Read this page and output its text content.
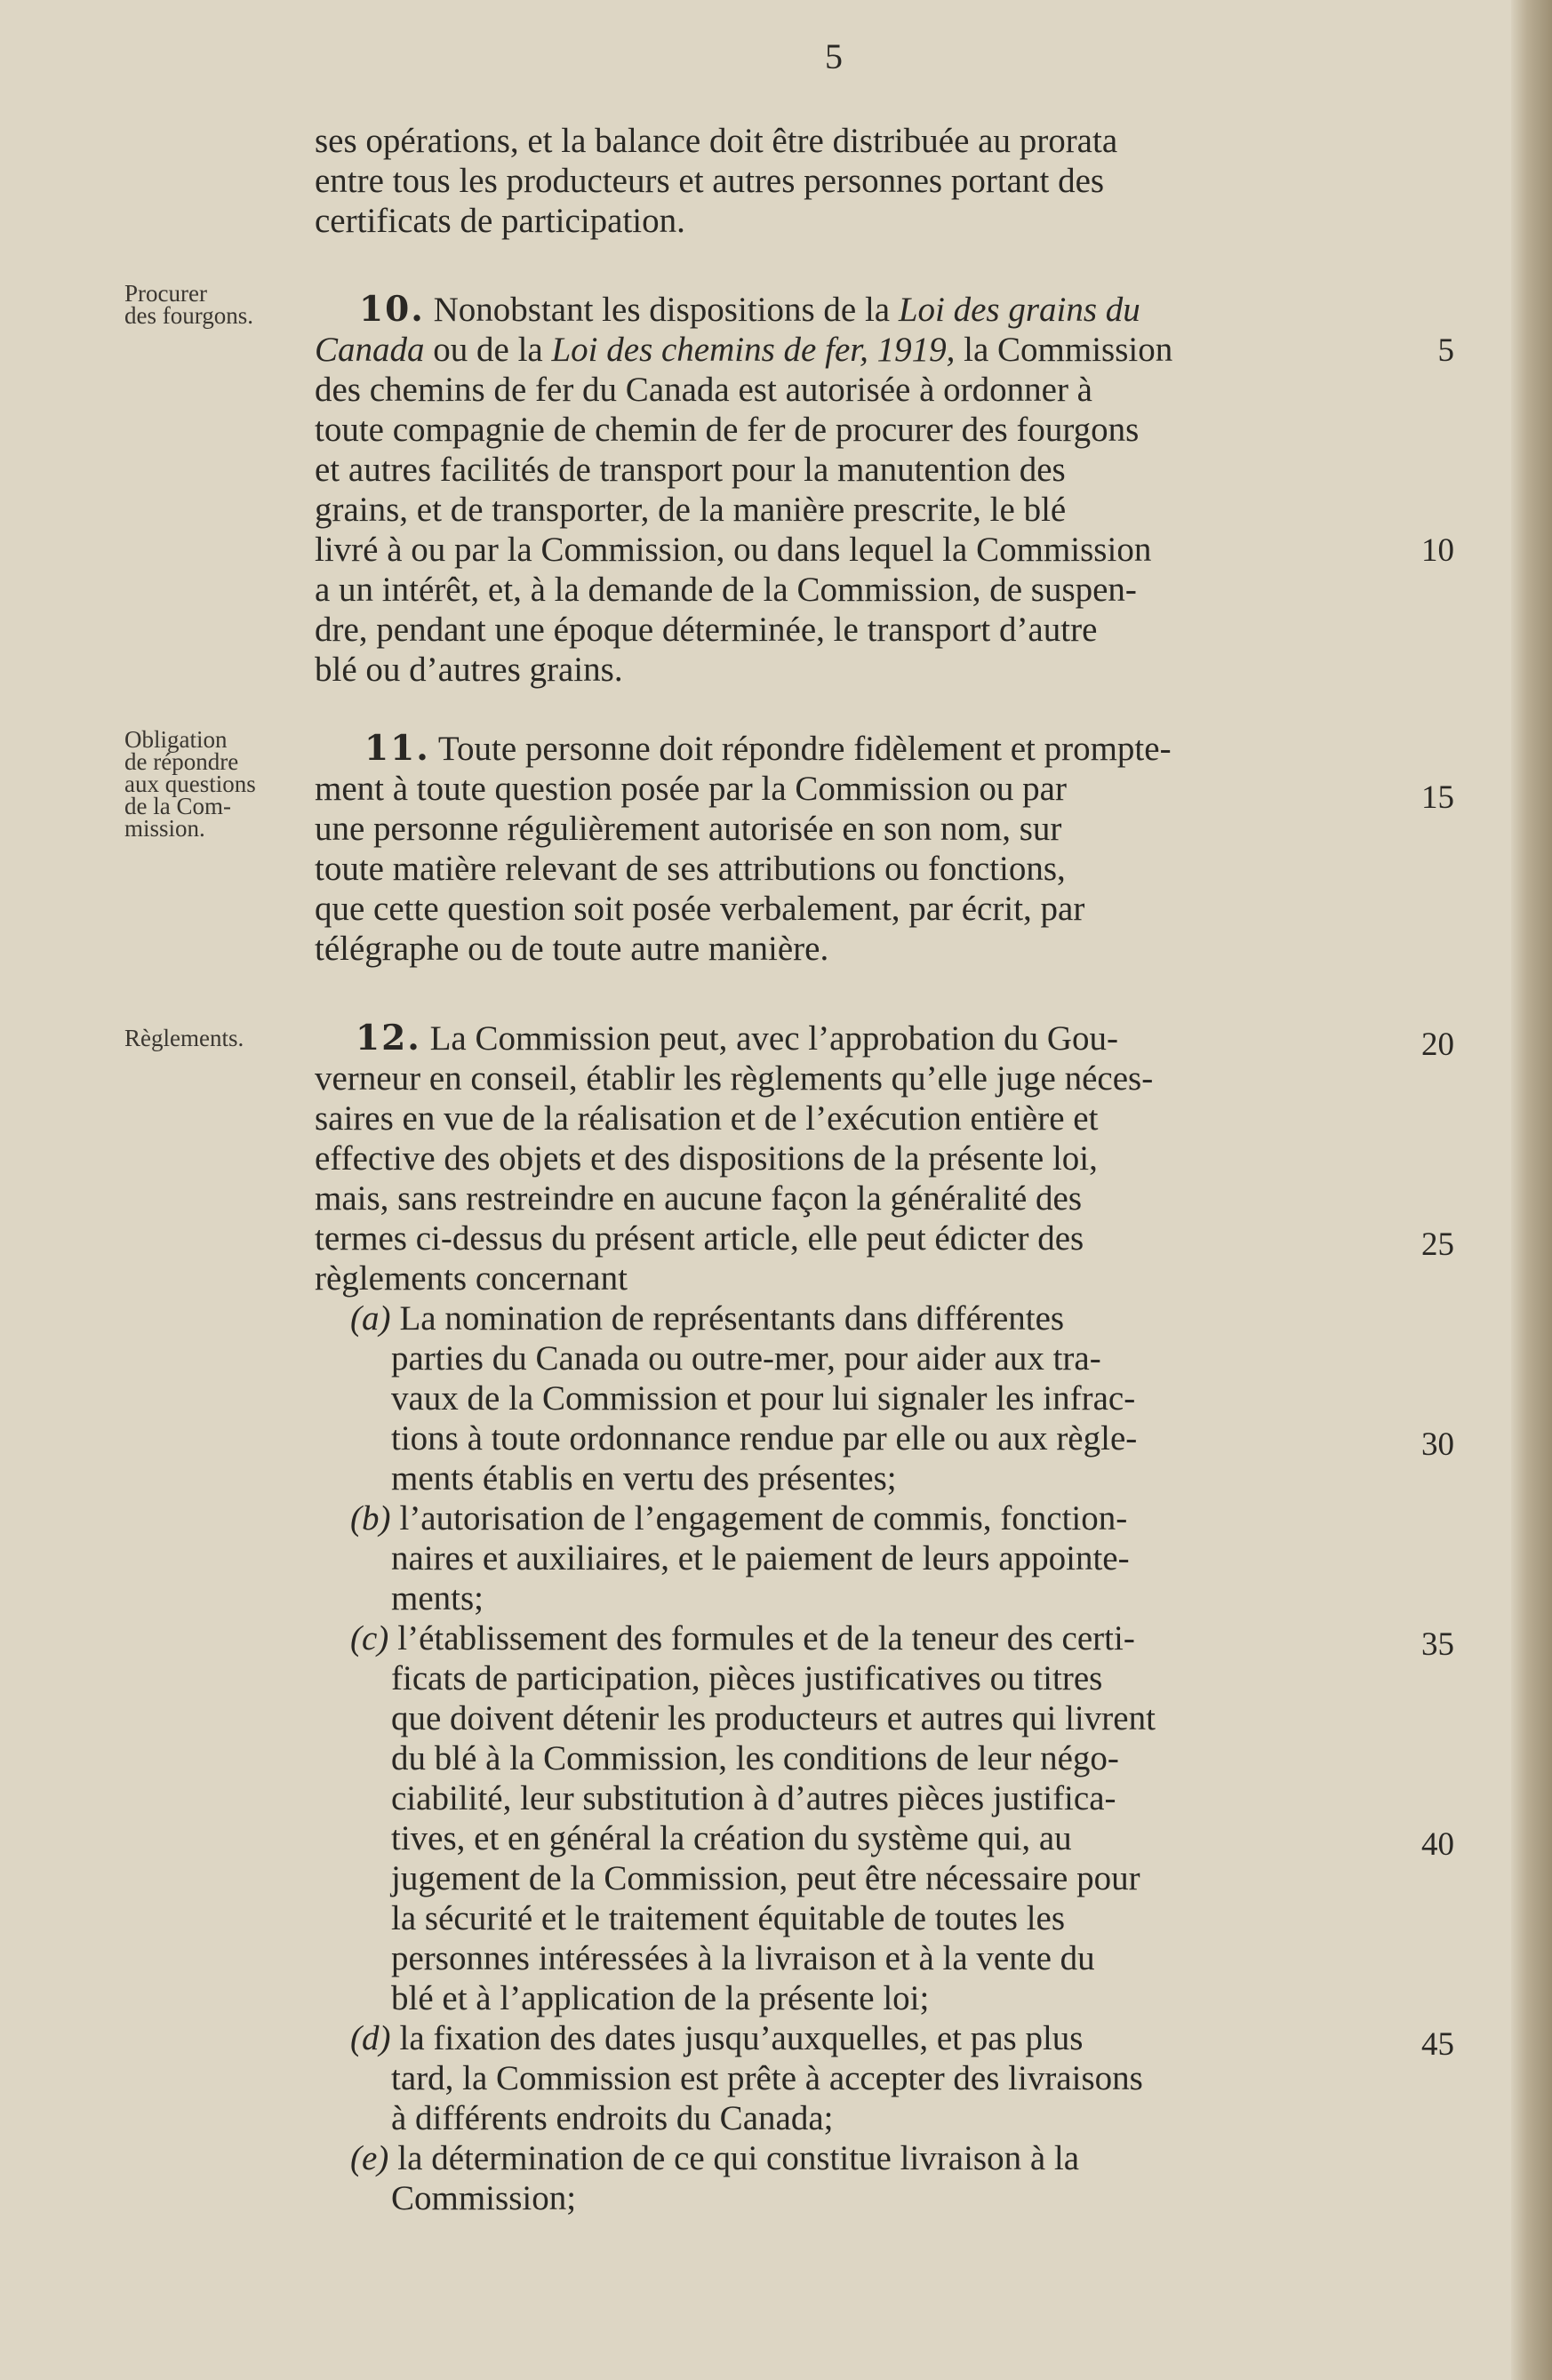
5
ses opérations, et la balance doit être distribuée au prorata
entre tous les producteurs et autres personnes portant des
certificats de participation.
Procurer
des fourgons.	10. Nonobstant les dispositions de la Loi des grains du
Canada ou de la Loi des chemins de fer, 1919, la Commission
des chemins de fer du Canada est autorisée à ordonner à
toute compagnie de chemin de fer de procurer des fourgons
et autres facilités de transport pour la manutention des
grains, et de transporter, de la manière prescrite, le blé
livré à ou par la Commission, ou dans lequel la Commission
a un intérêt, et, à la demande de la Commission, de suspen-
dre, pendant une époque déterminée, le transport d’autre
blé ou d’autres grains.
Obligation
de répondre
aux questions
de la Com-
mission.
11. Toute personne doit répondre fidèlement et prompte-
ment à toute question posée par la Commission ou par
une personne régulièrement autorisée en son nom, sur
toute matière relevant de ses attributions ou fonctions,
que cette question soit posée verbalement, par écrit, par
télégraphe ou de toute autre manière.
Règlements.	12. La Commission peut, avec l’approbation du Gou-
verneur en conseil, établir les règlements qu’elle juge néces-
saires en vue de la réalisation et de l’exécution entière et
effective des objets et des dispositions de la présente loi,
mais, sans restreindre en aucune façon la généralité des
termes ci-dessus du présent article, elle peut édicter des
règlements concernant
(a) La nomination de représentants dans différentes
parties du Canada ou outre-mer, pour aider aux tra-
vaux de la Commission et pour lui signaler les infrac-
tions à toute ordonnance rendue par elle ou aux règle-
ments établis en vertu des présentes;
(b) l’autorisation de l’engagement de commis, fonction-
naires et auxiliaires, et le paiement de leurs appointe-
ments;
(c) l’établissement des formules et de la teneur des certi-
ficats de participation, pièces justificatives ou titres
que doivent détenir les producteurs et autres qui livrent
du blé à la Commission, les conditions de leur négo-
ciabilité, leur substitution à d’autres pièces justifica-
tives, et en général la création du système qui, au
jugement de la Commission, peut être nécessaire pour
la sécurité et le traitement équitable de toutes les
personnes intéressées à la livraison et à la vente du
blé et à l’application de la présente loi;
(d) la fixation des dates jusqu’auxquelles, et pas plus
tard, la Commission est prête à accepter des livraisons
à différents endroits du Canada;
(e) la détermination de ce qui constitue livraison à la
Commission;
5
10
15
20
25
30
35
40
45
